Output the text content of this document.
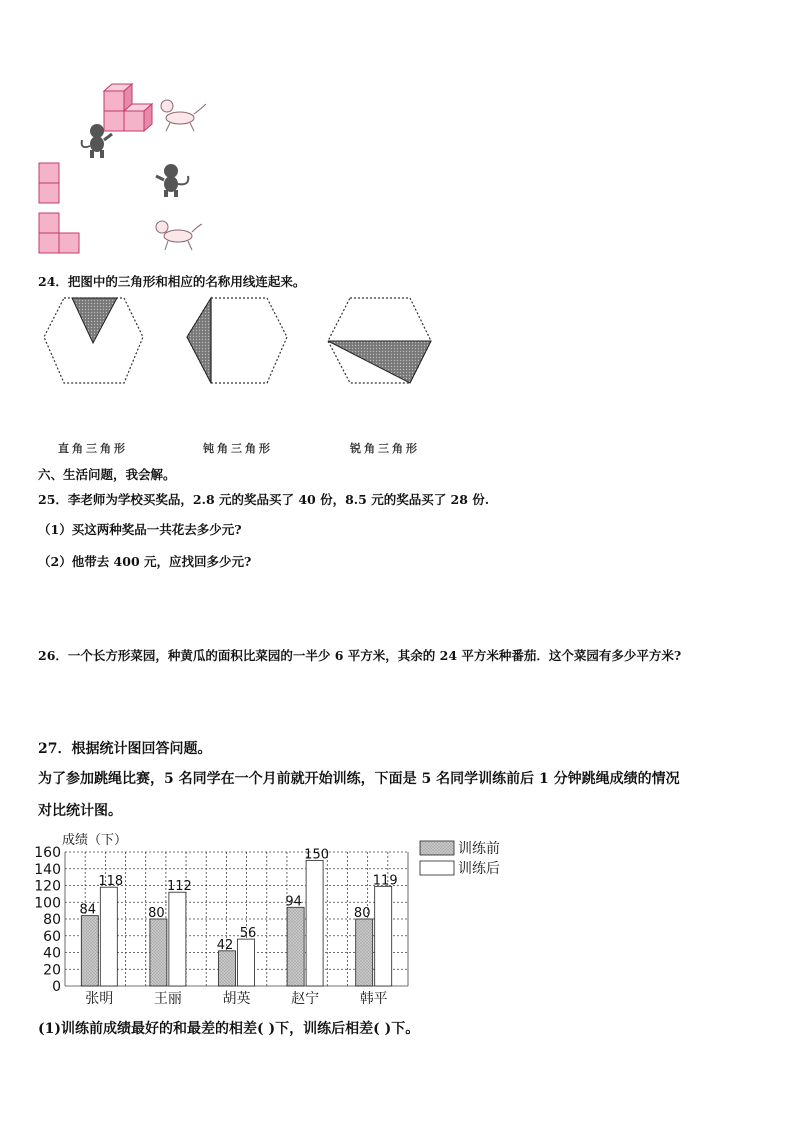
24．把图中的三角形和相应的名称用线连起来。
直角三角形	钝角三角形	锐角三角形
六、生活问题，我会解。
25．李老师为学校买奖品，2.8 元的奖品买了 40 份，8.5 元的奖品买了 28 份.
（1）买这两种奖品一共花去多少元?
（2）他带去 400 元，应找回多少元?
26．一个长方形菜园，种黄瓜的面积比菜园的一半少 6 平方米，其余的 24 平方米种番茄．这个菜园有多少平方米?
27．根据统计图回答问题。
为了参加跳绳比赛，5 名同学在一个月前就开始训练，下面是 5 名同学训练前后 1 分钟跳绳成绩的情况
对比统计图。
0
20
40
60
80
100
120
140
160
成绩（下）
84
118
张明
80
112
王丽
42
56
胡英
94
150
赵宁
80
119
韩平
训练前
训练后
(1)训练前成绩最好的和最差的相差( )下，训练后相差( )下。
